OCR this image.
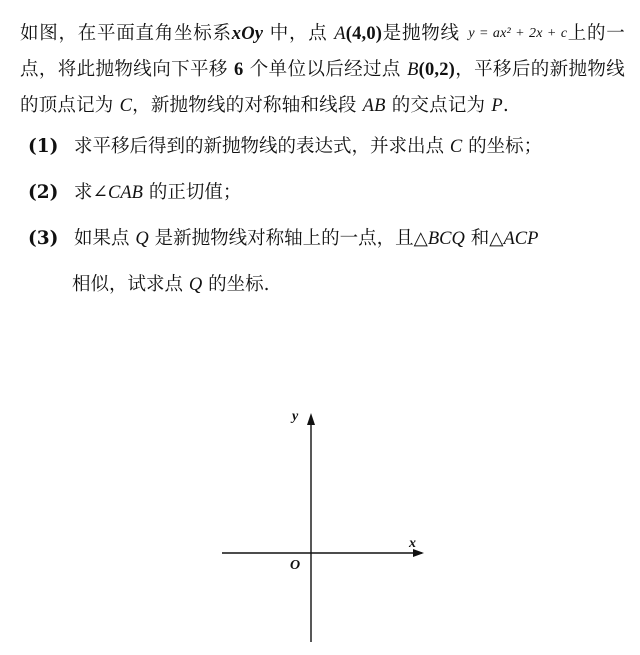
如图，在平面直角坐标系xOy 中，点 A(4,0)是抛物线 y = ax² + 2x + c上的一点，将此抛物线向下平移 6 个单位以后经过点 B(0,2)，平移后的新抛物线的顶点记为 C，新抛物线的对称轴和线段 AB 的交点记为 P.

(1) 求平移后得到的新抛物线的表达式，并求出点 C 的坐标；

(2) 求∠CAB 的正切值；

(3) 如果点 Q 是新抛物线对称轴上的一点，且△BCQ 和△ACP

相似，试求点 Q 的坐标.

x
y
O
